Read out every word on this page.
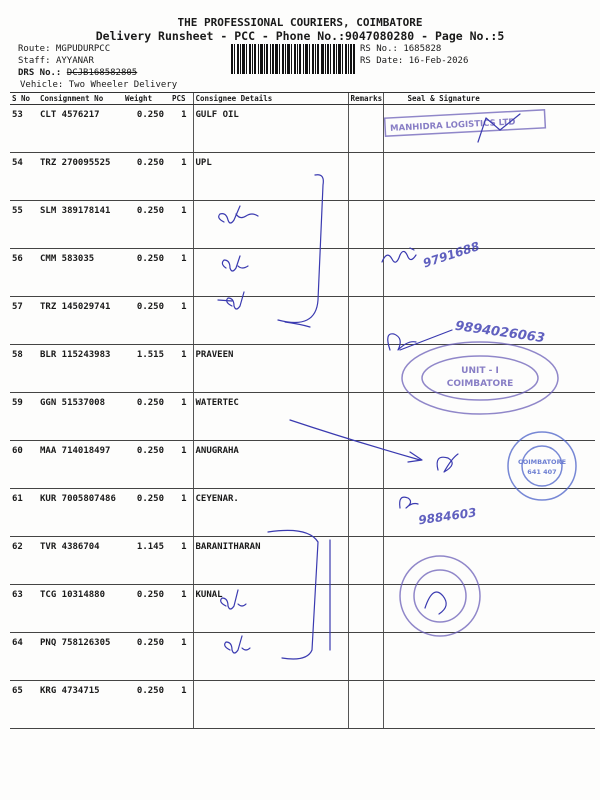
THE PROFESSIONAL COURIERS, COIMBATORE
Delivery Runsheet - PCC - Phone No.:9047080280 - Page No.:5
Route: MGPUDURPCC
Staff: AYYANAR
DRS No.: DCJB168582805
Vehicle: Two Wheeler Delivery
RS No.: 1685828
RS Date: 16-Feb-2026
S No	Consignment No	Weight	PCS	Consignee Details	Remarks	Seal & Signature
53	CLT 4576217	0.250	1	GULF OIL		
54	TRZ 270095525	0.250	1	UPL		
55	SLM 389178141	0.250	1			
56	CMM 583035	0.250	1			
57	TRZ 145029741	0.250	1			
58	BLR 115243983	1.515	1	PRAVEEN		
59	GGN 51537008	0.250	1	WATERTEC		
60	MAA 714018497	0.250	1	ANUGRAHA		
61	KUR 7005807486	0.250	1	CEYENAR.		
62	TVR 4386704	1.145	1	BARANITHARAN		
63	TCG 10314880	0.250	1	KUNAL		
64	PNQ 758126305	0.250	1			
65	KRG 4734715	0.250	1			
MANHIDRA LOGISTICS LTD
9791688
9894026063
UNIT - I
COIMBATORE
COIMBATORE
641 407
9884603
